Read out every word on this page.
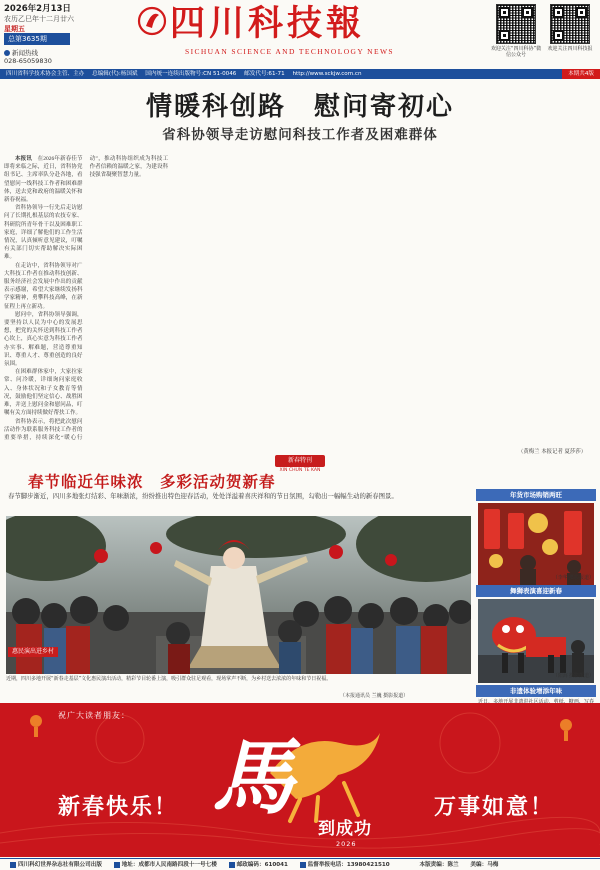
2026年2月13日
农历乙巳年十二月廿六
星期五
总第3635期
新闻热线
028-65059830
四川科技報
SICHUAN SCIENCE AND TECHNOLOGY NEWS	欢迎关注“四川科协”微信公众号
欢迎关注四川科技报
四川省科学技术协会主管、主办 总编辑(代):杨国斌 国内统一连续出版物号:CN 51-0046 邮发代号:61-71 http://www.sckjw.com.cn	本期共4版
情暖科创路　慰问寄初心
省科协领导走访慰问科技工作者及困难群体

本报讯　 在2026年新春佳节即将来临之际，近日，省科协党组书记、主席率队分赴各地，看望慰问一线科技工作者和困难群体，送去党和政府的温暖关怀和新春祝福。

省科协领导一行先后走访慰问了长期扎根基层的农技专家、科研院所青年骨干以及困难职工家庭，详细了解他们的工作生活情况，认真倾听意见建议，叮嘱有关部门切实帮助解决实际困难。

在走访中，省科协领导对广大科技工作者在推动科技创新、服务经济社会发展中作出的贡献表示感谢，希望大家继续发扬科学家精神，勇攀科技高峰，在新征程上再立新功。

慰问中，省科协领导强调，要坚持以人民为中心的发展思想，把党的关怀送到科技工作者心坎上，真心实意为科技工作者办实事、解难题，营造尊重知识、尊重人才、尊重创造的良好氛围。

在困难群体家中，大家拉家常、问冷暖，详细询问家庭收入、身体状况和子女教育等情况，鼓励他们坚定信心、战胜困难，并送上慰问金和慰问品，叮嘱有关方面持续做好帮扶工作。

省科协表示，将把此次慰问活动作为联系服务科技工作者的重要举措，持续深化“暖心行动”，推动科协组织成为科技工作者信赖的温暖之家，为建设科技强省凝聚智慧力量。

（黄梅兰 本报记者 夏莎莎）
新春特刊
XIN CHUN TE KAN
春节临近年味浓　多彩活动贺新春
春节脚步渐近，四川多地张灯结彩、年味渐浓，纷纷推出特色迎春活动，处处洋溢着喜庆祥和的节日氛围，勾勒出一幅幅生动的新春图景。
惠民演出进乡村
近期，四川多地开展“新春走基层”文化惠民演出活动，精彩节目轮番上演，吸引群众驻足观看，现场掌声不断，为乡村送去浓浓的年味和节日祝福。
（本报通讯员 兰巍 摄影报道）
年货市场购销两旺
（李华 摄影报道）
舞狮表演喜迎新春
（阳海 摄影报道）
非遗体验增添年味
祝广大读者朋友：
馬
新春快乐！
到成功
2026
万事如意！
四川科幻世界杂志社有限公司出版	地址：成都市人民南路四段十一号七楼	邮政编码：610041	监督举报电话：13980421510	本版责编：陈兰 美编：马梅
